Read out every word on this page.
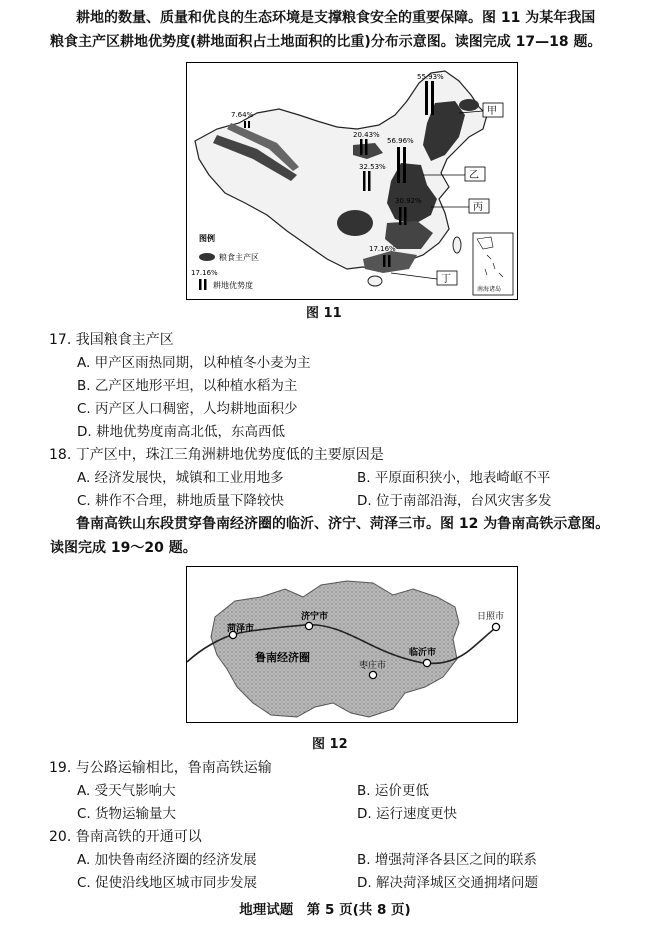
耕地的数量、质量和优良的生态环境是支撑粮食安全的重要保障。图 11 为某年我国
粮食主产区耕地优势度(耕地面积占土地面积的比重)分布示意图。读图完成 17—18 题。
7.64%
20.43%
32.53%
56.96%
55.93%
30.92%
17.16%
甲
乙
丙
丁
图例
粮食主产区
17.16%
耕地优势度	南海诸岛
图 11
17. 我国粮食主产区
A. 甲产区雨热同期，以种植冬小麦为主
B. 乙产区地形平坦，以种植水稻为主
C. 丙产区人口稠密，人均耕地面积少
D. 耕地优势度南高北低，东高西低
18. 丁产区中，珠江三角洲耕地优势度低的主要原因是
A. 经济发展快，城镇和工业用地多	B. 平原面积狭小，地表崎岖不平
C. 耕作不合理，耕地质量下降较快	D. 位于南部沿海，台风灾害多发
鲁南高铁山东段贯穿鲁南经济圈的临沂、济宁、菏泽三市。图 12 为鲁南高铁示意图。
读图完成 19～20 题。
菏泽市
济宁市
枣庄市
临沂市
日照市
鲁南经济圈
图 12
19. 与公路运输相比，鲁南高铁运输
A. 受天气影响大	B. 运价更低
C. 货物运输量大	D. 运行速度更快
20. 鲁南高铁的开通可以
A. 加快鲁南经济圈的经济发展	B. 增强菏泽各县区之间的联系
C. 促使沿线地区城市同步发展	D. 解决菏泽城区交通拥堵问题
地理试题　第 5 页(共 8 页)
